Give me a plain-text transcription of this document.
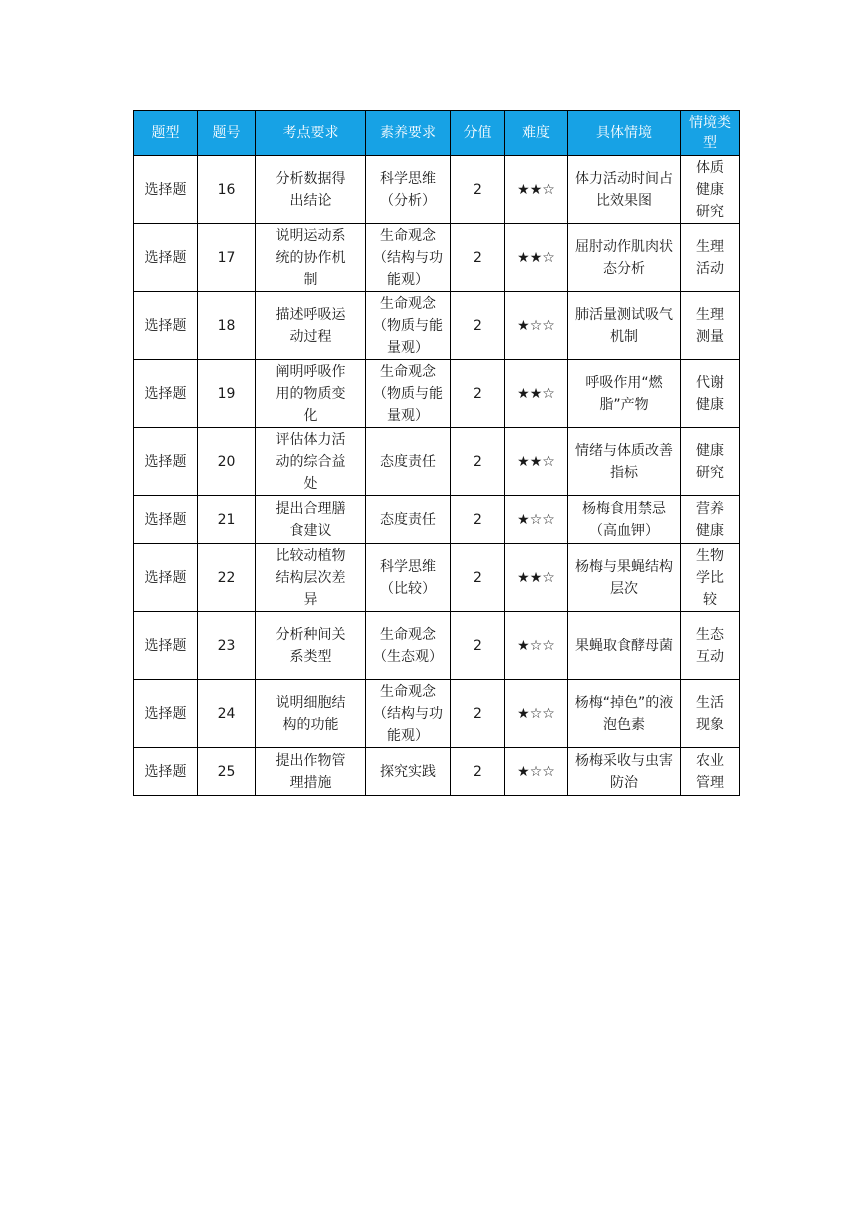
题型	题号	考点要求	素养要求	分值	难度	具体情境	情境类型
选择题	16	分析数据得出结论	科学思维（分析）	2	★★☆	体力活动时间占比效果图	体质健康研究
选择题	17	说明运动系统的协作机制	生命观念（结构与功能观）	2	★★☆	屈肘动作肌肉状态分析	生理活动
选择题	18	描述呼吸运动过程	生命观念（物质与能量观）	2	★☆☆	肺活量测试吸气机制	生理测量
选择题	19	阐明呼吸作用的物质变化	生命观念（物质与能量观）	2	★★☆	呼吸作用“燃脂”产物	代谢健康
选择题	20	评估体力活动的综合益处	态度责任	2	★★☆	情绪与体质改善指标	健康研究
选择题	21	提出合理膳食建议	态度责任	2	★☆☆	杨梅食用禁忌（高血钾）	营养健康
选择题	22	比较动植物结构层次差异	科学思维（比较）	2	★★☆	杨梅与果蝇结构层次	生物学比较
选择题	23	分析种间关系类型	生命观念（生态观）	2	★☆☆	果蝇取食酵母菌	生态互动
选择题	24	说明细胞结构的功能	生命观念（结构与功能观）	2	★☆☆	杨梅“掉色”的液泡色素	生活现象
选择题	25	提出作物管理措施	探究实践	2	★☆☆	杨梅采收与虫害防治	农业管理
